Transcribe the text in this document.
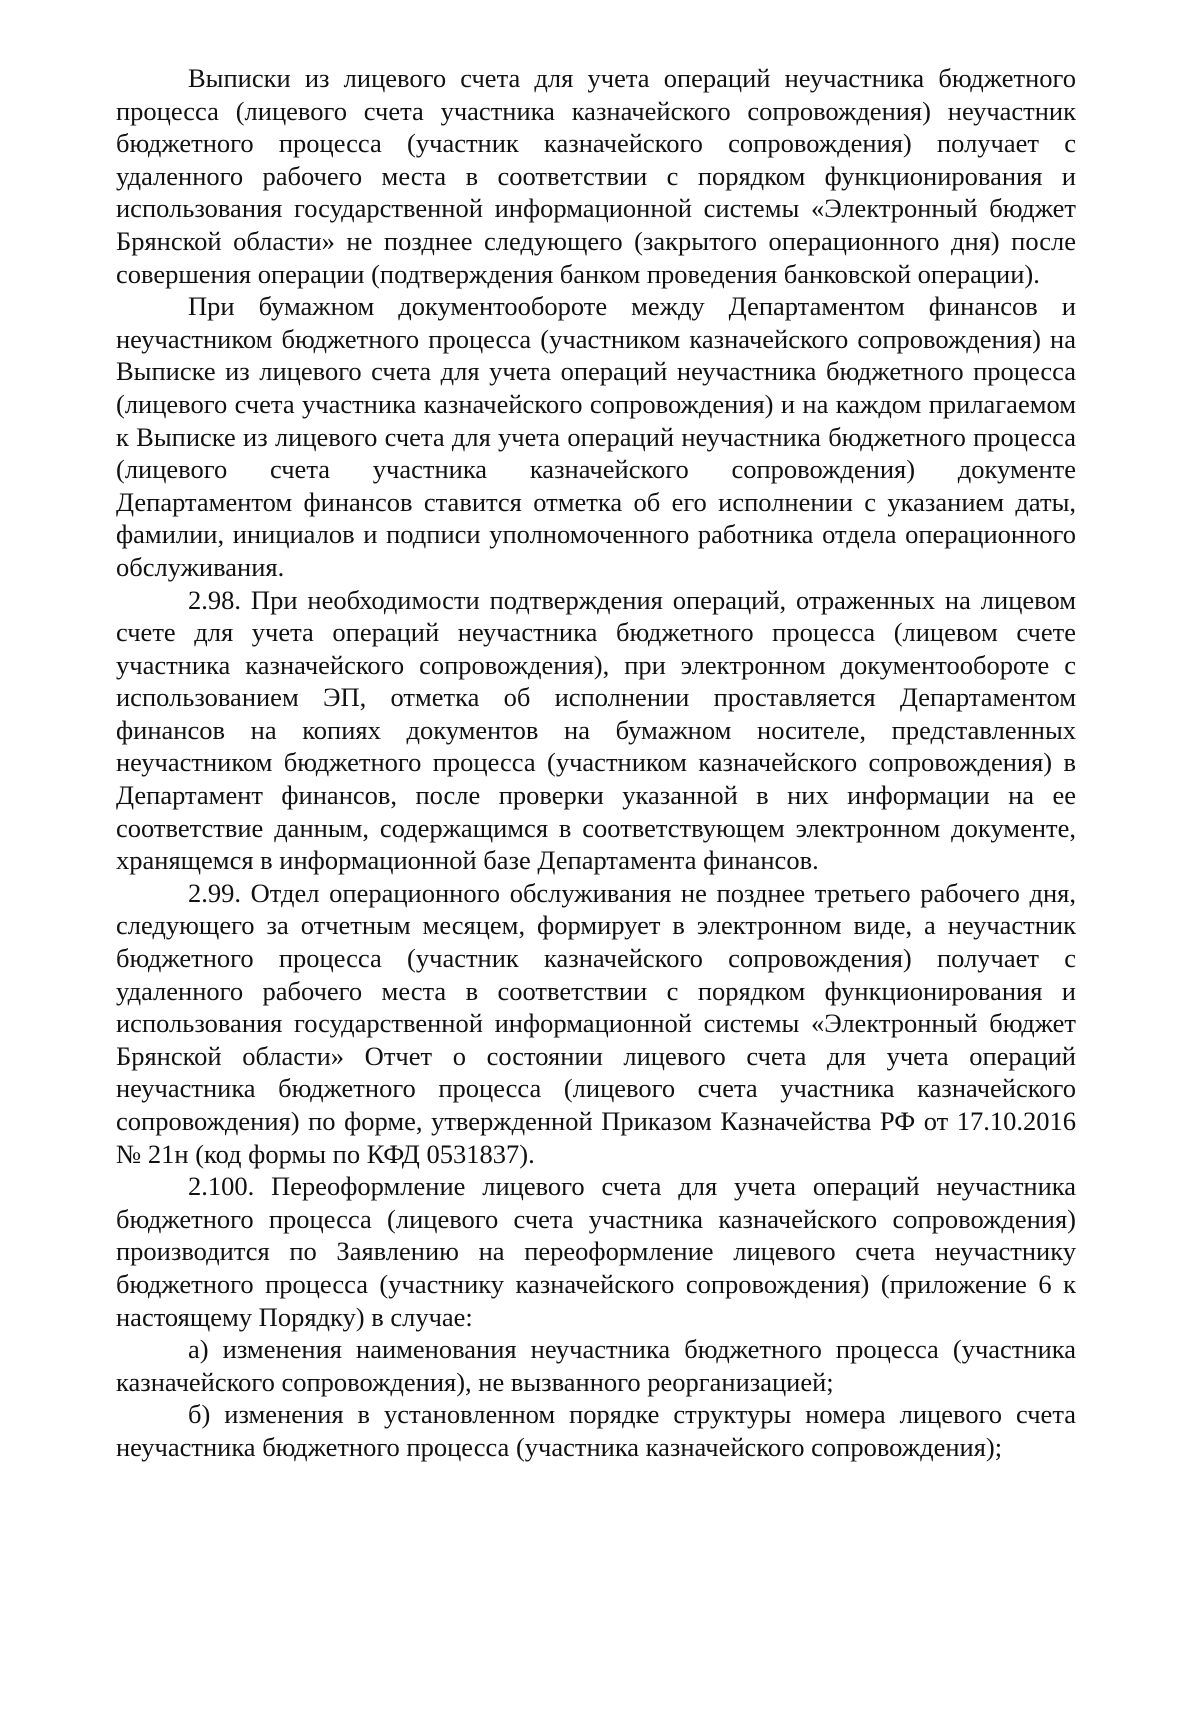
Выписки из лицевого счета для учета операций неучастника бюджетного процесса (лицевого счета участника казначейского сопровождения) неучастник бюджетного процесса (участник казначейского сопровождения) получает с удаленного рабочего места в соответствии с порядком функционирования и использования государственной информационной системы «Электронный бюджет Брянской области» не позднее следующего (закрытого операционного дня) после совершения операции (подтверждения банком проведения банковской операции).

При бумажном документообороте между Департаментом финансов и неучастником бюджетного процесса (участником казначейского сопровождения) на Выписке из лицевого счета для учета операций неучастника бюджетного процесса (лицевого счета участника казначейского сопровождения) и на каждом прилагаемом к Выписке из лицевого счета для учета операций неучастника бюджетного процесса (лицевого счета участника казначейского сопровождения) документе Департаментом финансов ставится отметка об его исполнении с указанием даты, фамилии, инициалов и подписи уполномоченного работника отдела операционного обслуживания.

2.98. При необходимости подтверждения операций, отраженных на лицевом счете для учета операций неучастника бюджетного процесса (лицевом счете участника казначейского сопровождения), при электронном документообороте с использованием ЭП, отметка об исполнении проставляется Департаментом финансов на копиях документов на бумажном носителе, представленных неучастником бюджетного процесса (участником казначейского сопровождения) в Департамент финансов, после проверки указанной в них информации на ее соответствие данным, содержащимся в соответствующем электронном документе, хранящемся в информационной базе Департамента финансов.

2.99. Отдел операционного обслуживания не позднее третьего рабочего дня, следующего за отчетным месяцем, формирует в электронном виде, а неучастник бюджетного процесса (участник казначейского сопровождения) получает с удаленного рабочего места в соответствии с порядком функционирования и использования государственной информационной системы «Электронный бюджет Брянской области» Отчет о состоянии лицевого счета для учета операций неучастника бюджетного процесса (лицевого счета участника казначейского сопровождения) по форме, утвержденной Приказом Казначейства РФ от 17.10.2016 № 21н (код формы по КФД 0531837).

2.100. Переоформление лицевого счета для учета операций неучастника бюджетного процесса (лицевого счета участника казначейского сопровождения) производится по Заявлению на переоформление лицевого счета неучастнику бюджетного процесса (участнику казначейского сопровождения) (приложение 6 к настоящему Порядку) в случае:

а) изменения наименования неучастника бюджетного процесса (участника казначейского сопровождения), не вызванного реорганизацией;

б) изменения в установленном порядке структуры номера лицевого счета неучастника бюджетного процесса (участника казначейского сопровождения);
